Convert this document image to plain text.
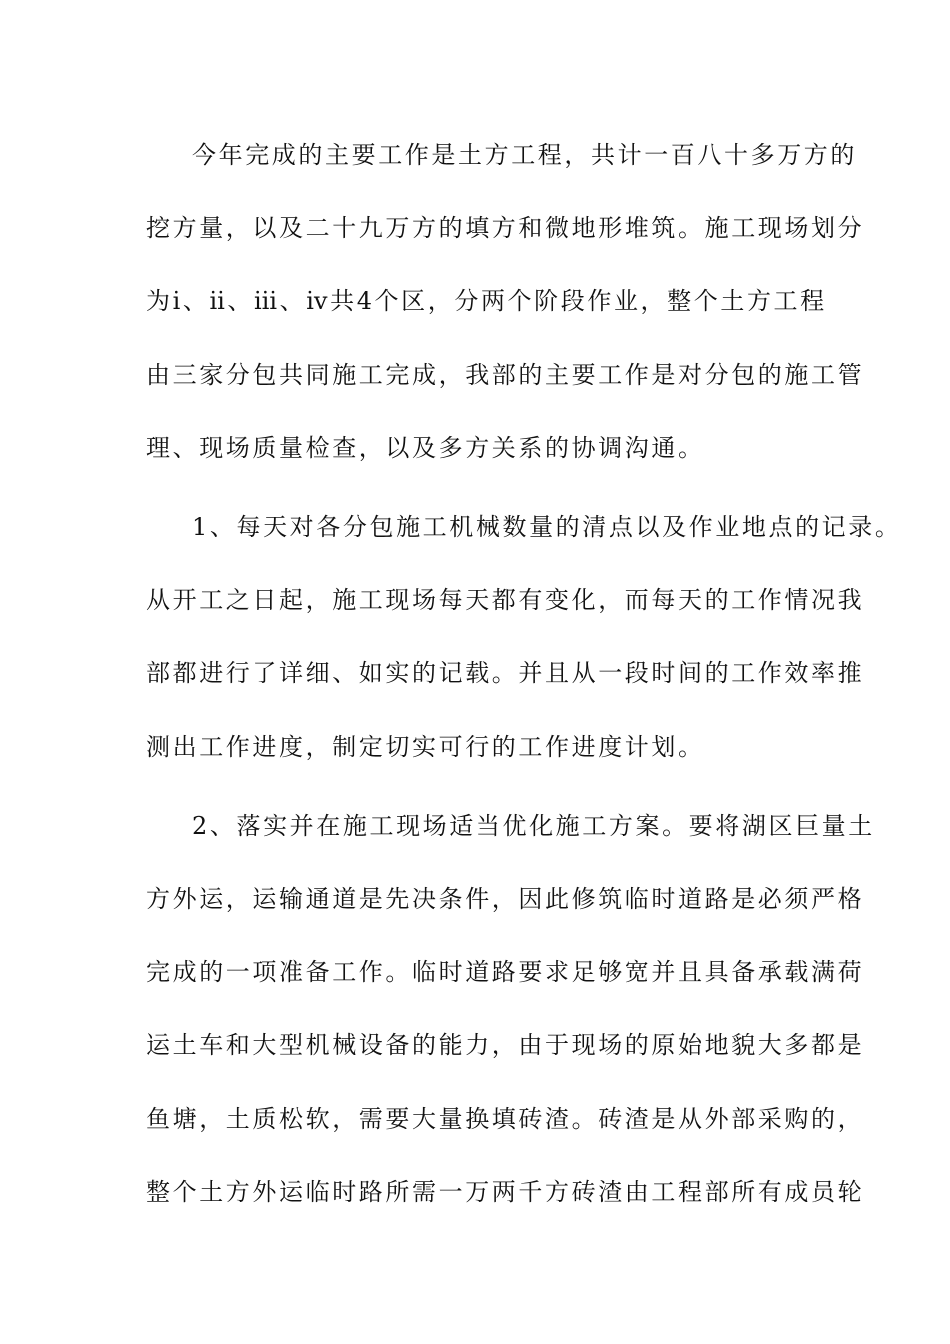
今年完成的主要工作是土方工程，共计一百八十多万方的
挖方量，以及二十九万方的填方和微地形堆筑。施工现场划分
为ⅰ、ⅱ、ⅲ、ⅳ共4个区，分两个阶段作业，整个土方工程
由三家分包共同施工完成，我部的主要工作是对分包的施工管
理、现场质量检查，以及多方关系的协调沟通。
1、每天对各分包施工机械数量的清点以及作业地点的记录。
从开工之日起，施工现场每天都有变化，而每天的工作情况我
部都进行了详细、如实的记载。并且从一段时间的工作效率推
测出工作进度，制定切实可行的工作进度计划。
2、落实并在施工现场适当优化施工方案。要将湖区巨量土
方外运，运输通道是先决条件，因此修筑临时道路是必须严格
完成的一项准备工作。临时道路要求足够宽并且具备承载满荷
运土车和大型机械设备的能力，由于现场的原始地貌大多都是
鱼塘，土质松软，需要大量换填砖渣。砖渣是从外部采购的，
整个土方外运临时路所需一万两千方砖渣由工程部所有成员轮
